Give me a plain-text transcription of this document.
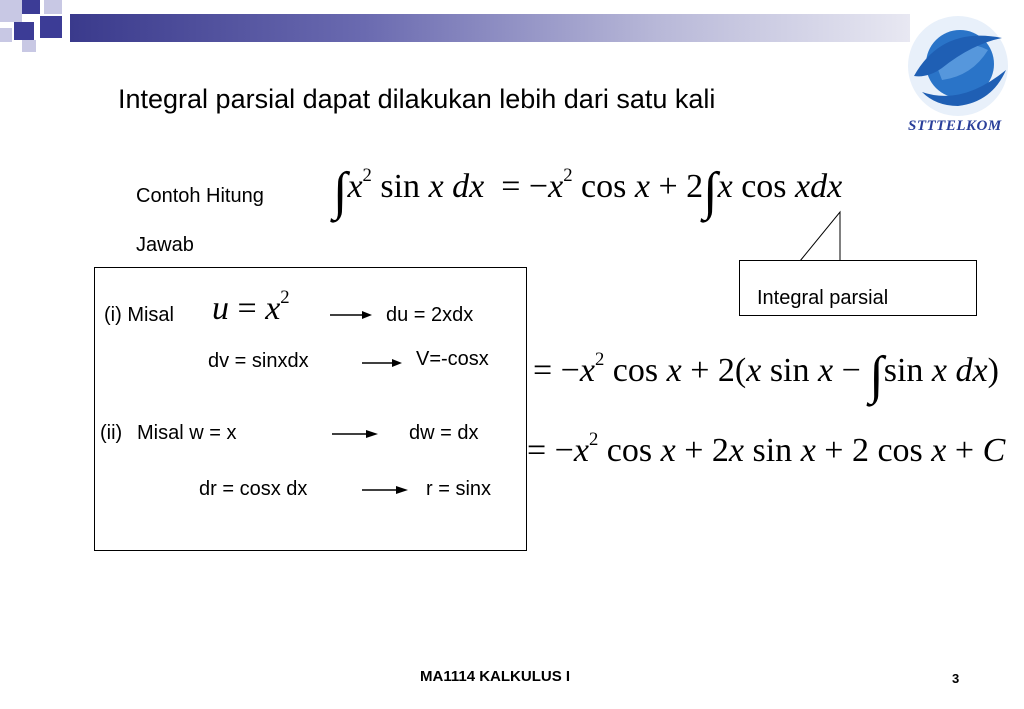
STTTELKOM
Integral parsial dapat dilakukan lebih dari satu kali
Contoh Hitung
Jawab
$\int x^2$ sin x dx  = $-x^2$ cos x + 2∫x cos xdx
Integral parsial
(i) Misal $u = x^2$
du = 2xdx
dv = sinxdx	V=-cosx
(ii) Misal w = x	dw = dx
dr = cosx dx	r = sinx
= $-x^2$ cos x + 2(x sin x − ∫sin x dx)
= $-x^2$ cos x + 2x sin x + 2 cos x + C
MA1114 KALKULUS I	3
